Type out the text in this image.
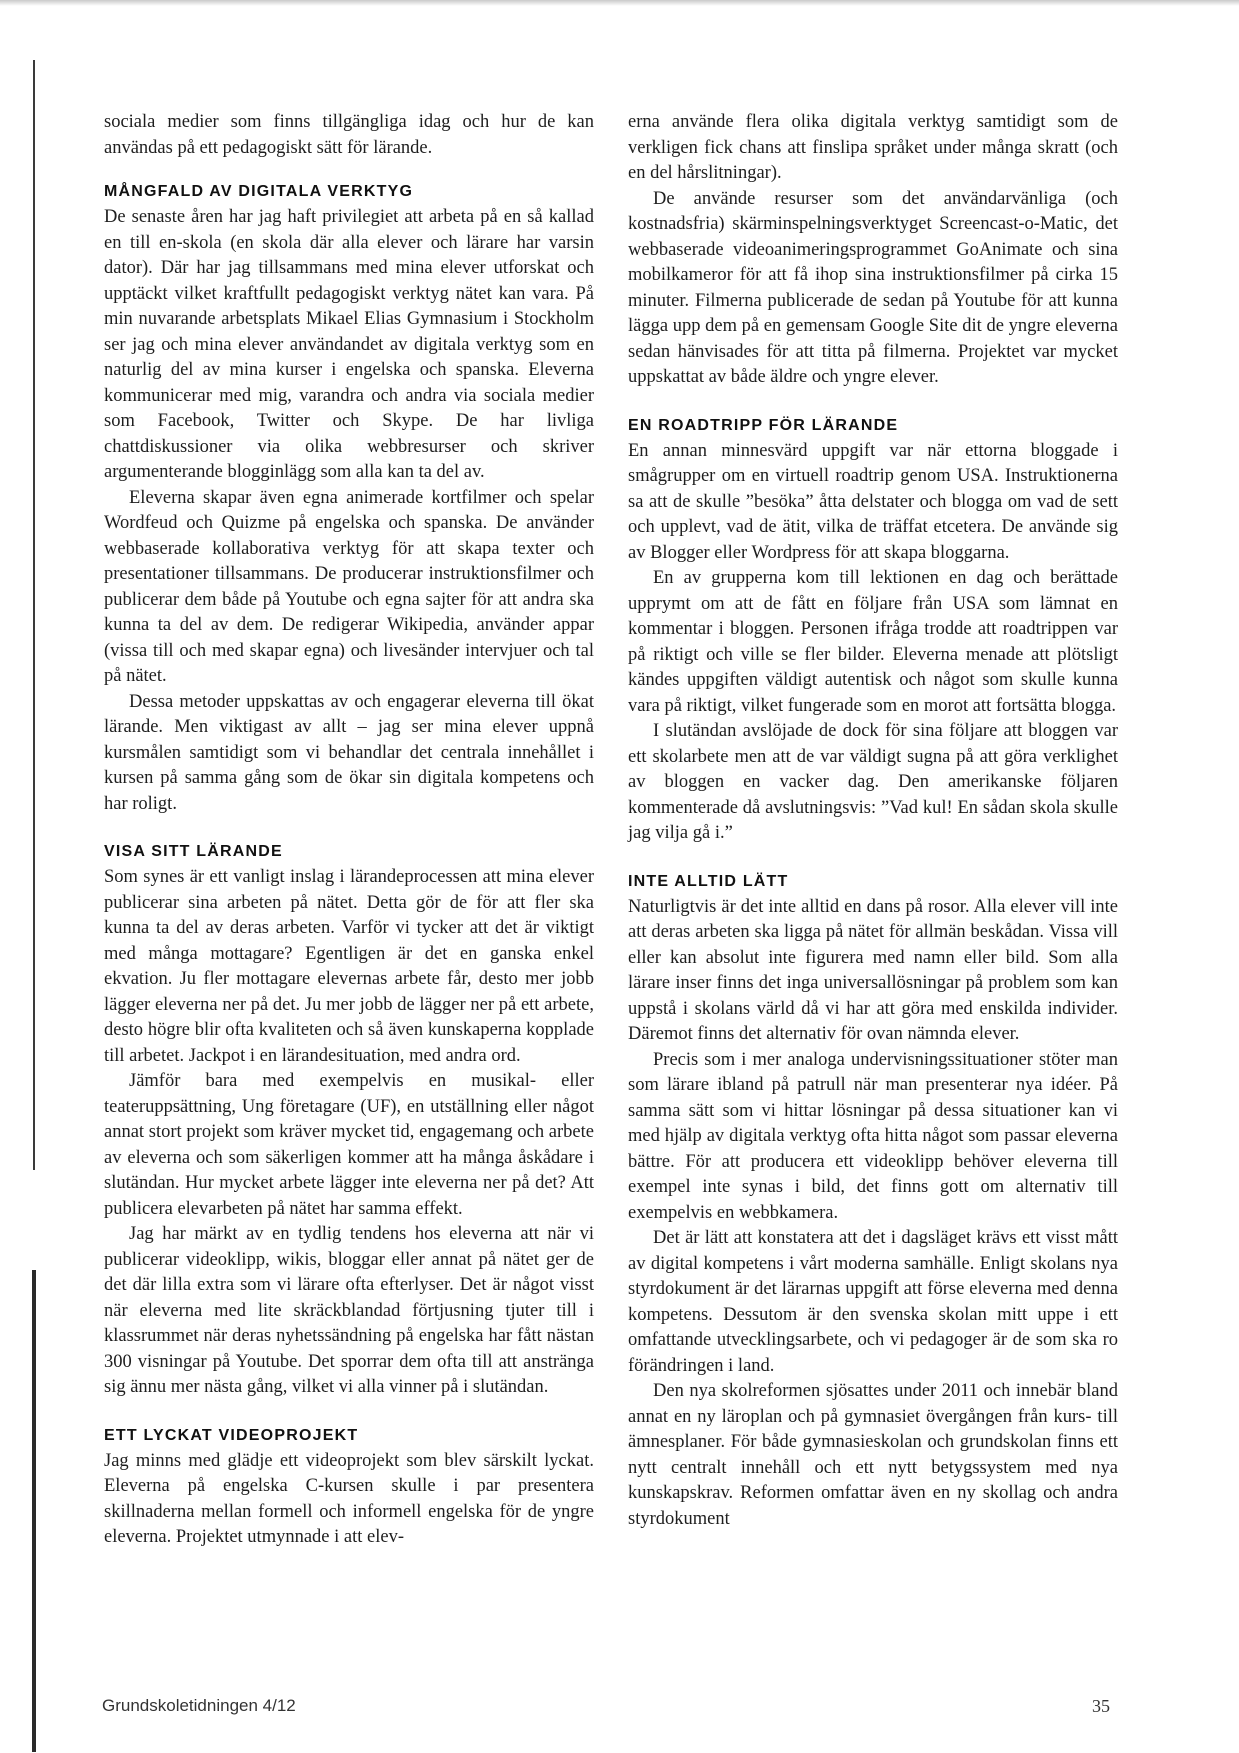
sociala medier som finns tillgängliga idag och hur de kan användas på ett pedagogiskt sätt för lärande.

MÅNGFALD AV DIGITALA VERKTYG

De senaste åren har jag haft privilegiet att arbeta på en så kallad en till en-skola (en skola där alla elever och lärare har varsin dator). Där har jag tillsammans med mina elever utforskat och upptäckt vilket kraftfullt pedagogiskt verktyg nätet kan vara. På min nuvarande arbetsplats Mikael Elias Gymnasium i Stockholm ser jag och mina elever användandet av digitala verktyg som en naturlig del av mina kurser i engelska och spanska. Eleverna kommunicerar med mig, varandra och andra via sociala medier som Facebook, Twitter och Skype. De har livliga chattdiskussioner via olika webbresurser och skriver argumenterande blogginlägg som alla kan ta del av.

Eleverna skapar även egna animerade kortfilmer och spelar Wordfeud och Quizme på engelska och spanska. De använder webbaserade kollaborativa verktyg för att skapa texter och presentationer tillsammans. De producerar instruktionsfilmer och publicerar dem både på Youtube och egna sajter för att andra ska kunna ta del av dem. De redigerar Wikipedia, använder appar (vissa till och med skapar egna) och livesänder intervjuer och tal på nätet.

Dessa metoder uppskattas av och engagerar eleverna till ökat lärande. Men viktigast av allt – jag ser mina elever uppnå kursmålen samtidigt som vi behandlar det centrala innehållet i kursen på samma gång som de ökar sin digitala kompetens och har roligt.

VISA SITT LÄRANDE

Som synes är ett vanligt inslag i lärandeprocessen att mina elever publicerar sina arbeten på nätet. Detta gör de för att fler ska kunna ta del av deras arbeten. Varför vi tycker att det är viktigt med många mottagare? Egentligen är det en ganska enkel ekvation. Ju fler mottagare elevernas arbete får, desto mer jobb lägger eleverna ner på det. Ju mer jobb de lägger ner på ett arbete, desto högre blir ofta kvaliteten och så även kunskaperna kopplade till arbetet. Jackpot i en lärandesituation, med andra ord.

Jämför bara med exempelvis en musikal- eller teateruppsättning, Ung företagare (UF), en utställning eller något annat stort projekt som kräver mycket tid, engagemang och arbete av eleverna och som säkerligen kommer att ha många åskådare i slutändan. Hur mycket arbete lägger inte eleverna ner på det? Att publicera elevarbeten på nätet har samma effekt.

Jag har märkt av en tydlig tendens hos eleverna att när vi publicerar videoklipp, wikis, bloggar eller annat på nätet ger de det där lilla extra som vi lärare ofta efterlyser. Det är något visst när eleverna med lite skräckblandad förtjusning tjuter till i klassrummet när deras nyhetssändning på engelska har fått nästan 300 visningar på Youtube. Det sporrar dem ofta till att anstränga sig ännu mer nästa gång, vilket vi alla vinner på i slutändan.

ETT LYCKAT VIDEOPROJEKT

Jag minns med glädje ett videoprojekt som blev särskilt lyckat. Eleverna på engelska C-kursen skulle i par presentera skillnaderna mellan formell och informell engelska för de yngre eleverna. Projektet utmynnade i att elev-

erna använde flera olika digitala verktyg samtidigt som de verkligen fick chans att finslipa språket under många skratt (och en del hårslitningar).

De använde resurser som det användarvänliga (och kostnadsfria) skärminspelningsverktyget Screencast-o-Matic, det webbaserade videoanimeringsprogrammet GoAnimate och sina mobilkameror för att få ihop sina instruktionsfilmer på cirka 15 minuter. Filmerna publicerade de sedan på Youtube för att kunna lägga upp dem på en gemensam Google Site dit de yngre eleverna sedan hänvisades för att titta på filmerna. Projektet var mycket uppskattat av både äldre och yngre elever.

EN ROADTRIPP FÖR LÄRANDE

En annan minnesvärd uppgift var när ettorna bloggade i smågrupper om en virtuell roadtrip genom USA. Instruktionerna sa att de skulle ”besöka” åtta delstater och blogga om vad de sett och upplevt, vad de ätit, vilka de träffat etcetera. De använde sig av Blogger eller Wordpress för att skapa bloggarna.

En av grupperna kom till lektionen en dag och berättade upprymt om att de fått en följare från USA som lämnat en kommentar i bloggen. Personen ifråga trodde att roadtrippen var på riktigt och ville se fler bilder. Eleverna menade att plötsligt kändes uppgiften väldigt autentisk och något som skulle kunna vara på riktigt, vilket fungerade som en morot att fortsätta blogga.

I slutändan avslöjade de dock för sina följare att bloggen var ett skolarbete men att de var väldigt sugna på att göra verklighet av bloggen en vacker dag. Den amerikanske följaren kommenterade då avslutningsvis: ”Vad kul! En sådan skola skulle jag vilja gå i.”

INTE ALLTID LÄTT

Naturligtvis är det inte alltid en dans på rosor. Alla elever vill inte att deras arbeten ska ligga på nätet för allmän beskådan. Vissa vill eller kan absolut inte figurera med namn eller bild. Som alla lärare inser finns det inga universallösningar på problem som kan uppstå i skolans värld då vi har att göra med enskilda individer. Däremot finns det alternativ för ovan nämnda elever.

Precis som i mer analoga undervisningssituationer stöter man som lärare ibland på patrull när man presenterar nya idéer. På samma sätt som vi hittar lösningar på dessa situationer kan vi med hjälp av digitala verktyg ofta hitta något som passar eleverna bättre. För att producera ett videoklipp behöver eleverna till exempel inte synas i bild, det finns gott om alternativ till exempelvis en webbkamera.

Det är lätt att konstatera att det i dagsläget krävs ett visst mått av digital kompetens i vårt moderna samhälle. Enligt skolans nya styrdokument är det lärarnas uppgift att förse eleverna med denna kompetens. Dessutom är den svenska skolan mitt uppe i ett omfattande utvecklingsarbete, och vi pedagoger är de som ska ro förändringen i land.

Den nya skolreformen sjösattes under 2011 och innebär bland annat en ny läroplan och på gymnasiet övergången från kurs- till ämnesplaner. För både gymnasieskolan och grundskolan finns ett nytt centralt innehåll och ett nytt betygssystem med nya kunskapskrav. Reformen omfattar även en ny skollag och andra styrdokument

Grundskoletidningen 4/12	35
